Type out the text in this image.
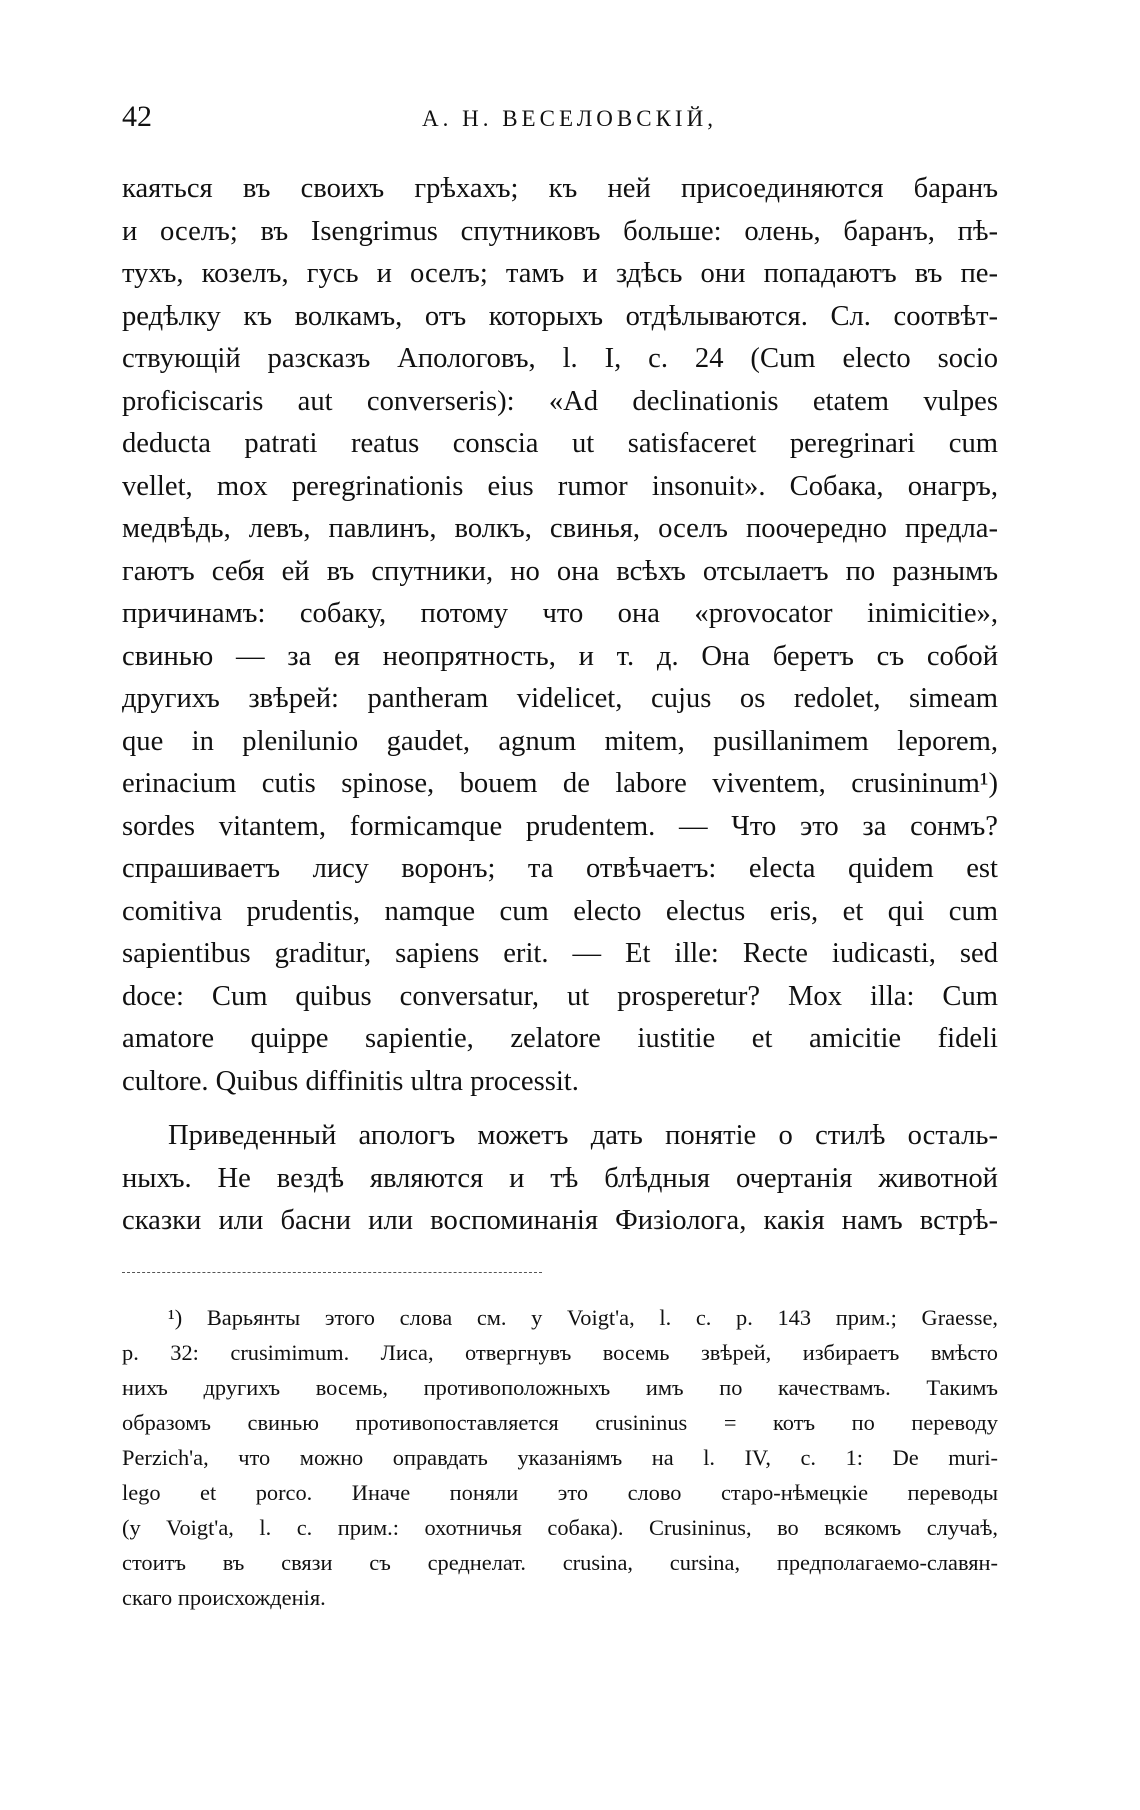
42	А. Н. ВЕСЕЛОВСКІЙ,
каяться въ своихъ грѣхахъ; къ ней присоединяются баранъ
и оселъ; въ Isengrimus спутниковъ больше: олень, баранъ, пѣ-
тухъ, козелъ, гусь и оселъ; тамъ и здѣсь они попадаютъ въ пе-
редѣлку къ волкамъ, отъ которыхъ отдѣлываются. Сл. соотвѣт-
ствующій разсказъ Апологовъ, l. I, c. 24 (Cum electo socio
proficiscaris aut converseris): «Ad declinationis etatem vulpes
deducta patrati reatus conscia ut satisfaceret peregrinari cum
vellet, mox peregrinationis eius rumor insonuit». Собака, онагръ,
медвѣдь, левъ, павлинъ, волкъ, свинья, оселъ поочередно предла-
гаютъ себя ей въ спутники, но она всѣхъ отсылаетъ по разнымъ
причинамъ: собаку, потому что она «provocator inimicitie»,
свинью — за ея неопрятность, и т. д. Она беретъ съ собой
другихъ звѣрей: pantheram videlicet, cujus os redolet, simeam
que in plenilunio gaudet, agnum mitem, pusillanimem leporem,
erinacium cutis spinose, bouem de labore viventem, crusininum¹)
sordes vitantem, formicamque prudentem. — Что это за сонмъ?
спрашиваетъ лису воронъ; та отвѣчаетъ: electa quidem est
comitiva prudentis, namque cum electo electus eris, et qui cum
sapientibus graditur, sapiens erit. — Et ille: Recte iudicasti, sed
doce: Cum quibus conversatur, ut prosperetur? Mox illa: Cum
amatore quippe sapientie, zelatore iustitie et amicitie fideli
cultore. Quibus diffinitis ultra processit.
Приведенный апологъ можетъ дать понятіе о стилѣ осталь-
ныхъ. Не вездѣ являются и тѣ блѣдныя очертанія животной
сказки или басни или воспоминанія Физіолога, какія намъ встрѣ-
¹) Варьянты этого слова см. у Voigt'a, l. c. p. 143 прим.; Graesse,
p. 32: crusimimum. Лиса, отвергнувъ восемь звѣрей, избираетъ вмѣсто
нихъ другихъ восемь, противоположныхъ имъ по качествамъ. Такимъ
образомъ свинью противопоставляется crusininus = котъ по переводу
Perzich'a, что можно оправдать указаніямъ на l. IV, c. 1: De muri-
lego et porco. Иначе поняли это слово старо-нѣмецкіе переводы
(у Voigt'a, l. c. прим.: охотничья собака). Crusininus, во всякомъ случаѣ,
стоитъ въ связи съ среднелат. crusina, cursina, предполагаемо-славян-
скаго происхожденія.
